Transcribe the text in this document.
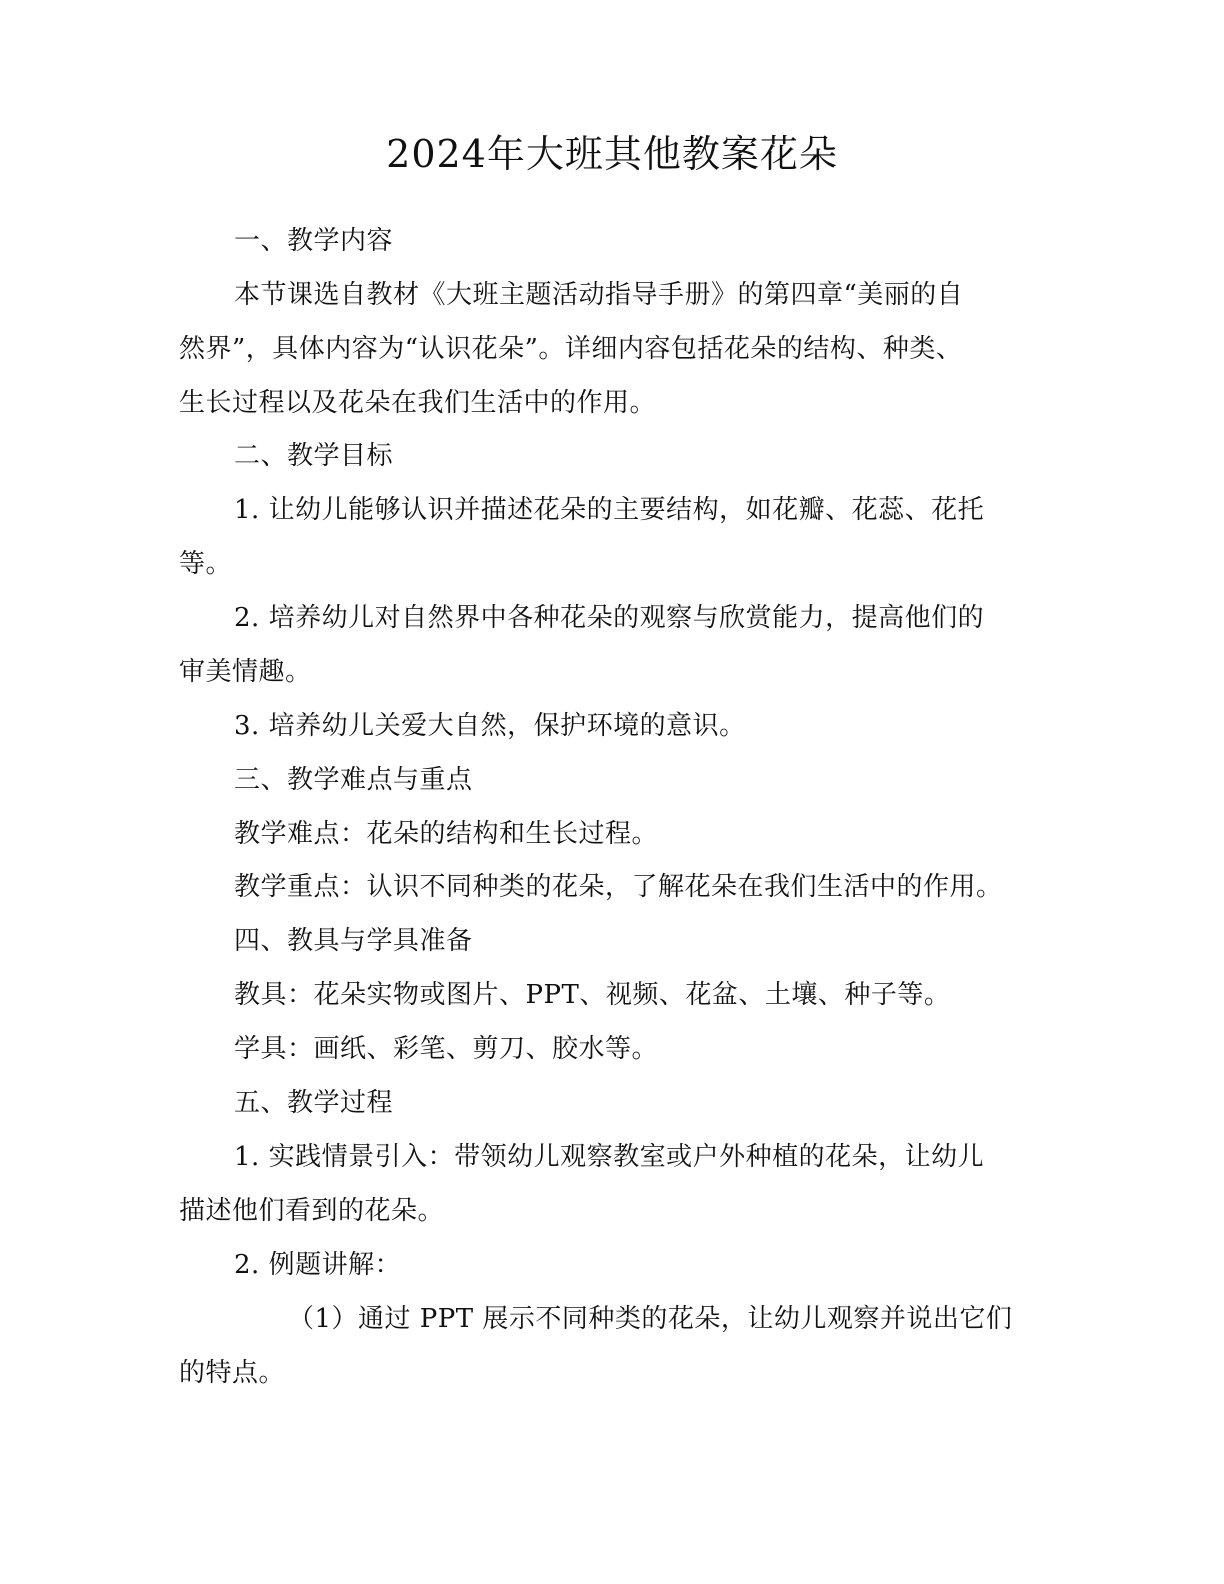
2024年大班其他教案花朵
一、教学内容
本节课选自教材《大班主题活动指导手册》的第四章“美丽的自
然界”，具体内容为“认识花朵”。详细内容包括花朵的结构、种类、
生长过程以及花朵在我们生活中的作用。
二、教学目标
1. 让幼儿能够认识并描述花朵的主要结构，如花瓣、花蕊、花托
等。
2. 培养幼儿对自然界中各种花朵的观察与欣赏能力，提高他们的
审美情趣。
3. 培养幼儿关爱大自然，保护环境的意识。
三、教学难点与重点
教学难点：花朵的结构和生长过程。
教学重点：认识不同种类的花朵，了解花朵在我们生活中的作用。
四、教具与学具准备
教具：花朵实物或图片、PPT、视频、花盆、土壤、种子等。
学具：画纸、彩笔、剪刀、胶水等。
五、教学过程
1. 实践情景引入：带领幼儿观察教室或户外种植的花朵，让幼儿
描述他们看到的花朵。
2. 例题讲解：
（1）通过 PPT 展示不同种类的花朵，让幼儿观察并说出它们
的特点。
